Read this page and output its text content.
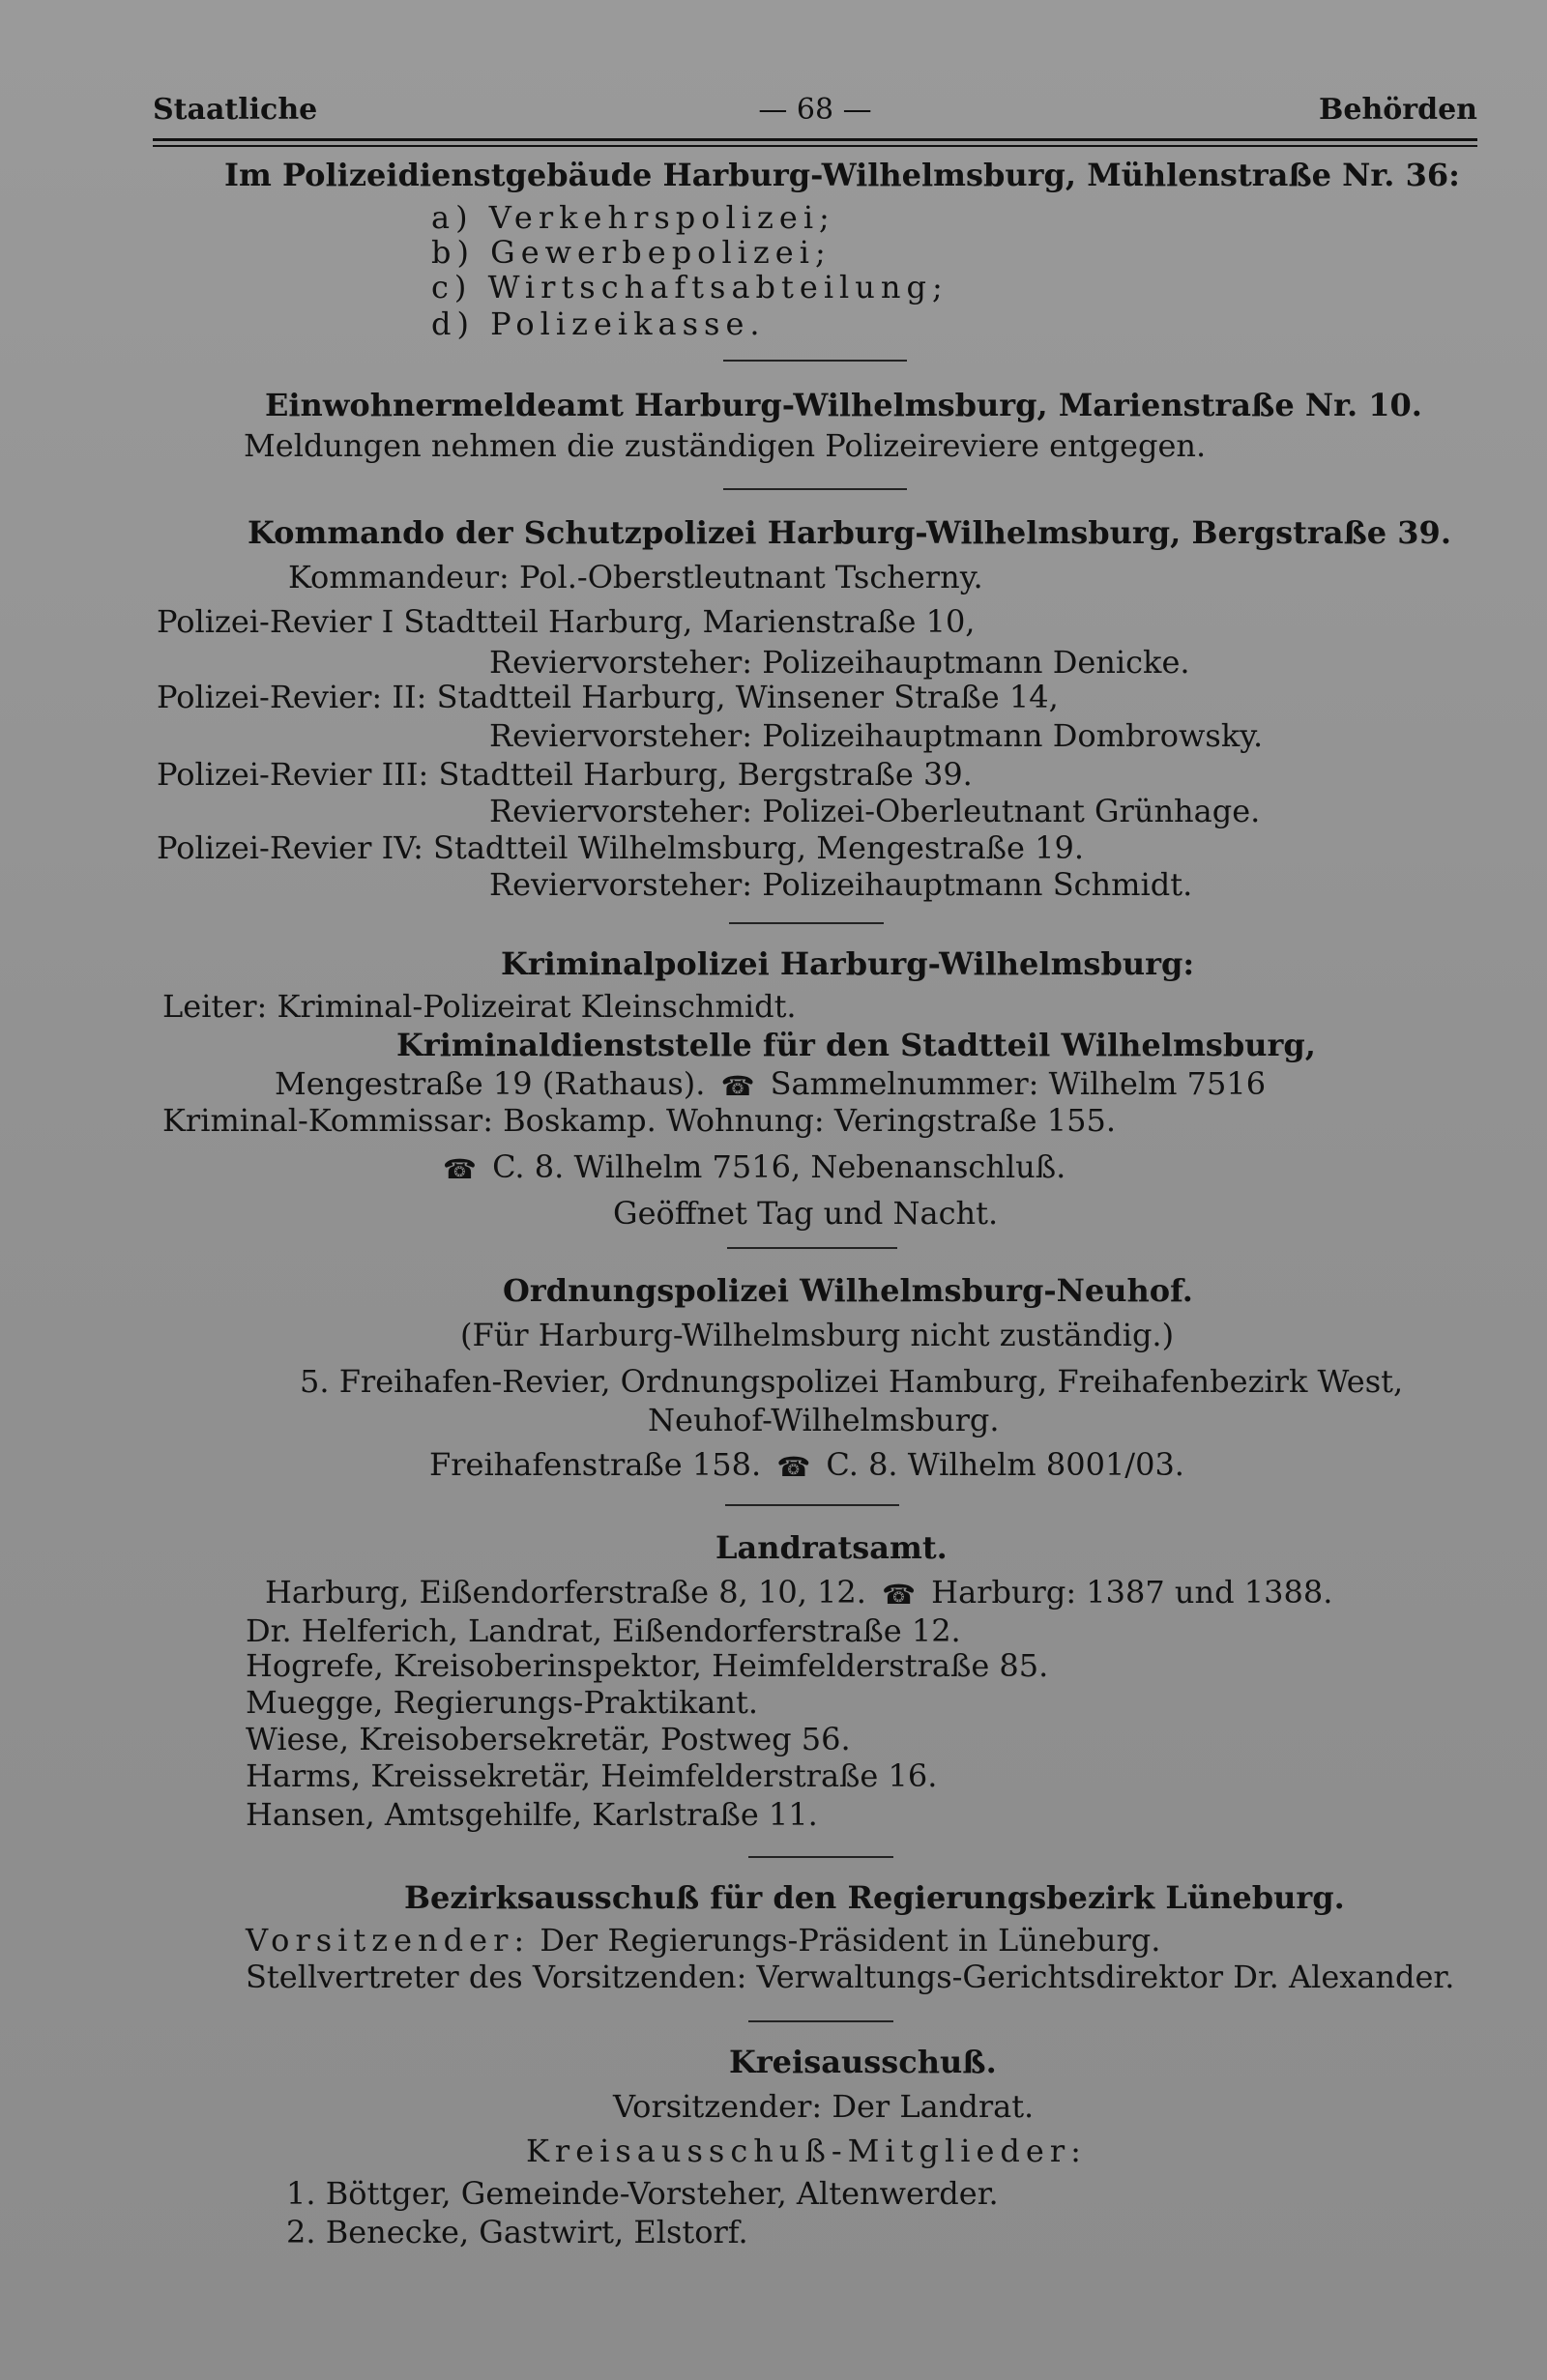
Staatliche	— 68 —	Behörden
Im Polizeidienstgebäude Harburg-Wilhelmsburg, Mühlenstraße Nr. 36:
a) Verkehrspolizei;
b) Gewerbepolizei;
c) Wirtschaftsabteilung;
d) Polizeikasse.
Einwohnermeldeamt Harburg-Wilhelmsburg, Marienstraße Nr. 10.
Meldungen nehmen die zuständigen Polizeireviere entgegen.
Kommando der Schutzpolizei Harburg-Wilhelmsburg, Bergstraße 39.
Kommandeur: Pol.-Oberstleutnant Tscherny.
Polizei-Revier I Stadtteil Harburg, Marienstraße 10,
Reviervorsteher: Polizeihauptmann Denicke.
Polizei-Revier: II: Stadtteil Harburg, Winsener Straße 14,
Reviervorsteher: Polizeihauptmann Dombrowsky.
Polizei-Revier III: Stadtteil Harburg, Bergstraße 39.
Reviervorsteher: Polizei-Oberleutnant Grünhage.
Polizei-Revier IV: Stadtteil Wilhelmsburg, Mengestraße 19.
Reviervorsteher: Polizeihauptmann Schmidt.
Kriminalpolizei Harburg-Wilhelmsburg:
Leiter: Kriminal-Polizeirat Kleinschmidt.
Kriminaldienststelle für den Stadtteil Wilhelmsburg,
Mengestraße 19 (Rathaus). ☎ Sammelnummer: Wilhelm 7516
Kriminal-Kommissar: Boskamp. Wohnung: Veringstraße 155.
☎ C. 8. Wilhelm 7516, Nebenanschluß.
Geöffnet Tag und Nacht.
Ordnungspolizei Wilhelmsburg-Neuhof.
(Für Harburg-Wilhelmsburg nicht zuständig.)
5. Freihafen-Revier, Ordnungspolizei Hamburg, Freihafenbezirk West,
Neuhof-Wilhelmsburg.
Freihafenstraße 158. ☎ C. 8. Wilhelm 8001/03.
Landratsamt.
Harburg, Eißendorferstraße 8, 10, 12. ☎ Harburg: 1387 und 1388.
Dr. Helferich, Landrat, Eißendorferstraße 12.
Hogrefe, Kreisoberinspektor, Heimfelderstraße 85.
Muegge, Regierungs-Praktikant.
Wiese, Kreisobersekretär, Postweg 56.
Harms, Kreissekretär, Heimfelderstraße 16.
Hansen, Amtsgehilfe, Karlstraße 11.
Bezirksausschuß für den Regierungsbezirk Lüneburg.
Vorsitzender: Der Regierungs-Präsident in Lüneburg.
Stellvertreter des Vorsitzenden: Verwaltungs-Gerichtsdirektor Dr. Alexander.
Kreisausschuß.
Vorsitzender: Der Landrat.
Kreisausschuß-Mitglieder:
1. Böttger, Gemeinde-Vorsteher, Altenwerder.
2. Benecke, Gastwirt, Elstorf.
